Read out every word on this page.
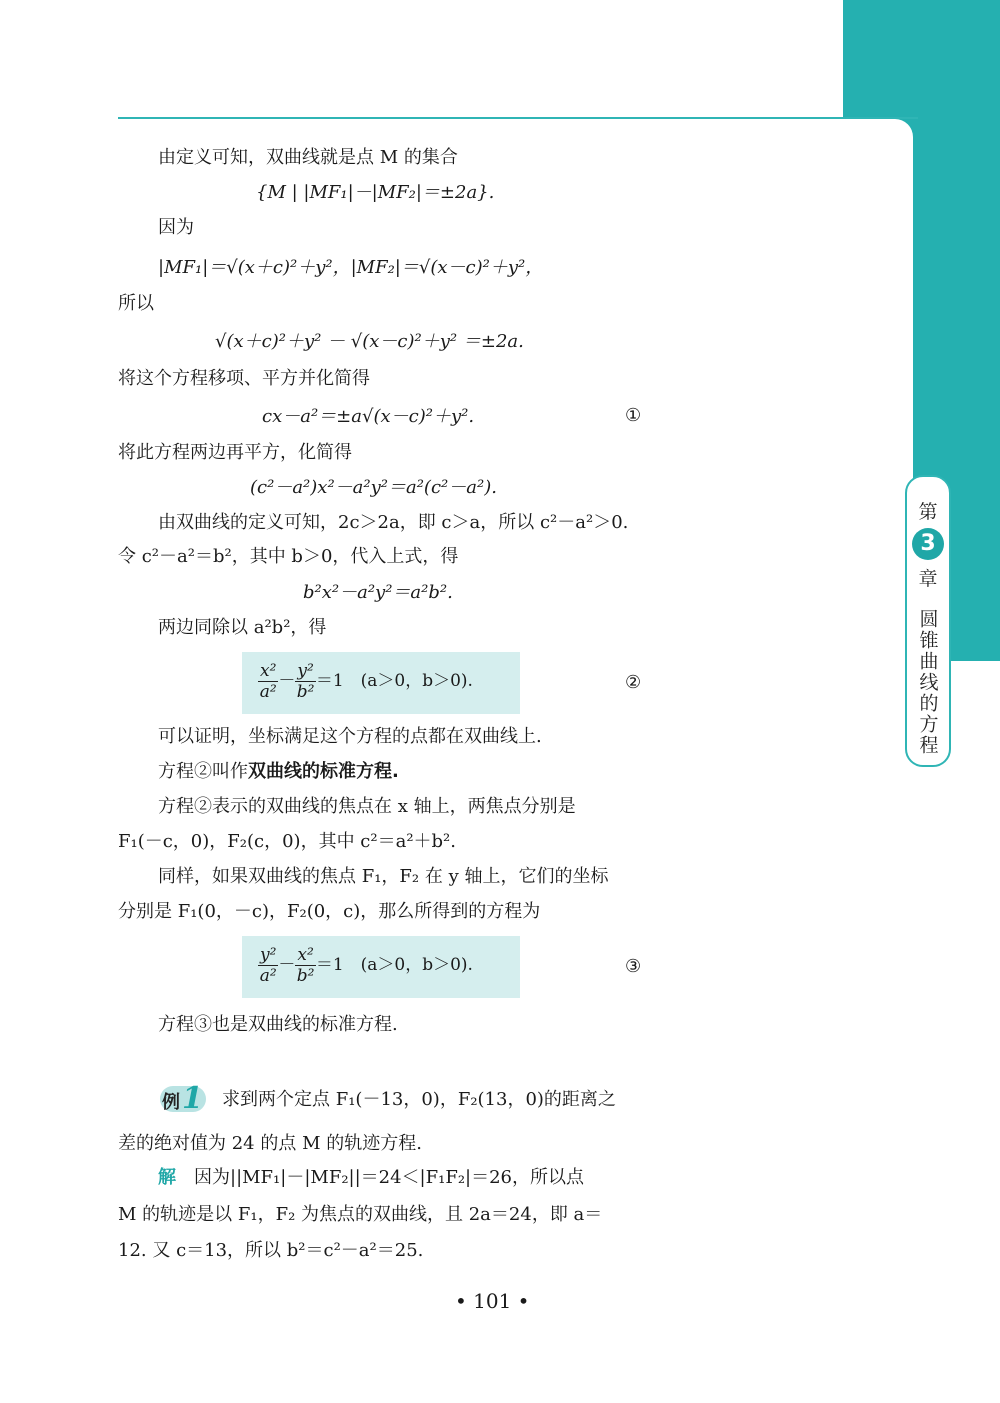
第
3
章
圆锥曲线的方程
由定义可知，双曲线就是点 M 的集合
{M | |MF₁|－|MF₂|＝±2a}.
因为
|MF₁|＝√(x＋c)²＋y²，|MF₂|＝√(x－c)²＋y²，
所以
√(x＋c)²＋y² － √(x－c)²＋y² ＝±2a.
将这个方程移项、平方并化简得
cx－a²＝±a√(x－c)²＋y².	①
将此方程两边再平方，化简得
(c²－a²)x²－a²y²＝a²(c²－a²).
由双曲线的定义可知，2c＞2a，即 c＞a，所以 c²－a²＞0.
令 c²－a²＝b²，其中 b＞0，代入上式，得
b²x²－a²y²＝a²b².
两边同除以 a²b²，得
$\frac{\text{x²}}{\text{a²}} - \frac{\text{y²}}{\text{b²}} =1$　(a＞0，b＞0).	②
可以证明，坐标满足这个方程的点都在双曲线上.
方程②叫作双曲线的标准方程.
方程②表示的双曲线的焦点在 x 轴上，两焦点分别是
F₁(－c，0)，F₂(c，0)，其中 c²＝a²＋b².
同样，如果双曲线的焦点 F₁，F₂ 在 y 轴上，它们的坐标
分别是 F₁(0，－c)，F₂(0，c)，那么所得到的方程为
$\frac{\text{y²}}{\text{a²}} - \frac{\text{x²}}{\text{b²}} =1$　(a＞0，b＞0).	③
方程③也是双曲线的标准方程.
例 1 求到两个定点 F₁(－13，0)，F₂(13，0)的距离之
差的绝对值为 24 的点 M 的轨迹方程.
解　 因为||MF₁|－|MF₂||＝24＜|F₁F₂|＝26，所以点
M 的轨迹是以 F₁，F₂ 为焦点的双曲线，且 2a＝24，即 a＝
12. 又 c＝13，所以 b²＝c²－a²＝25.
• 101 •
